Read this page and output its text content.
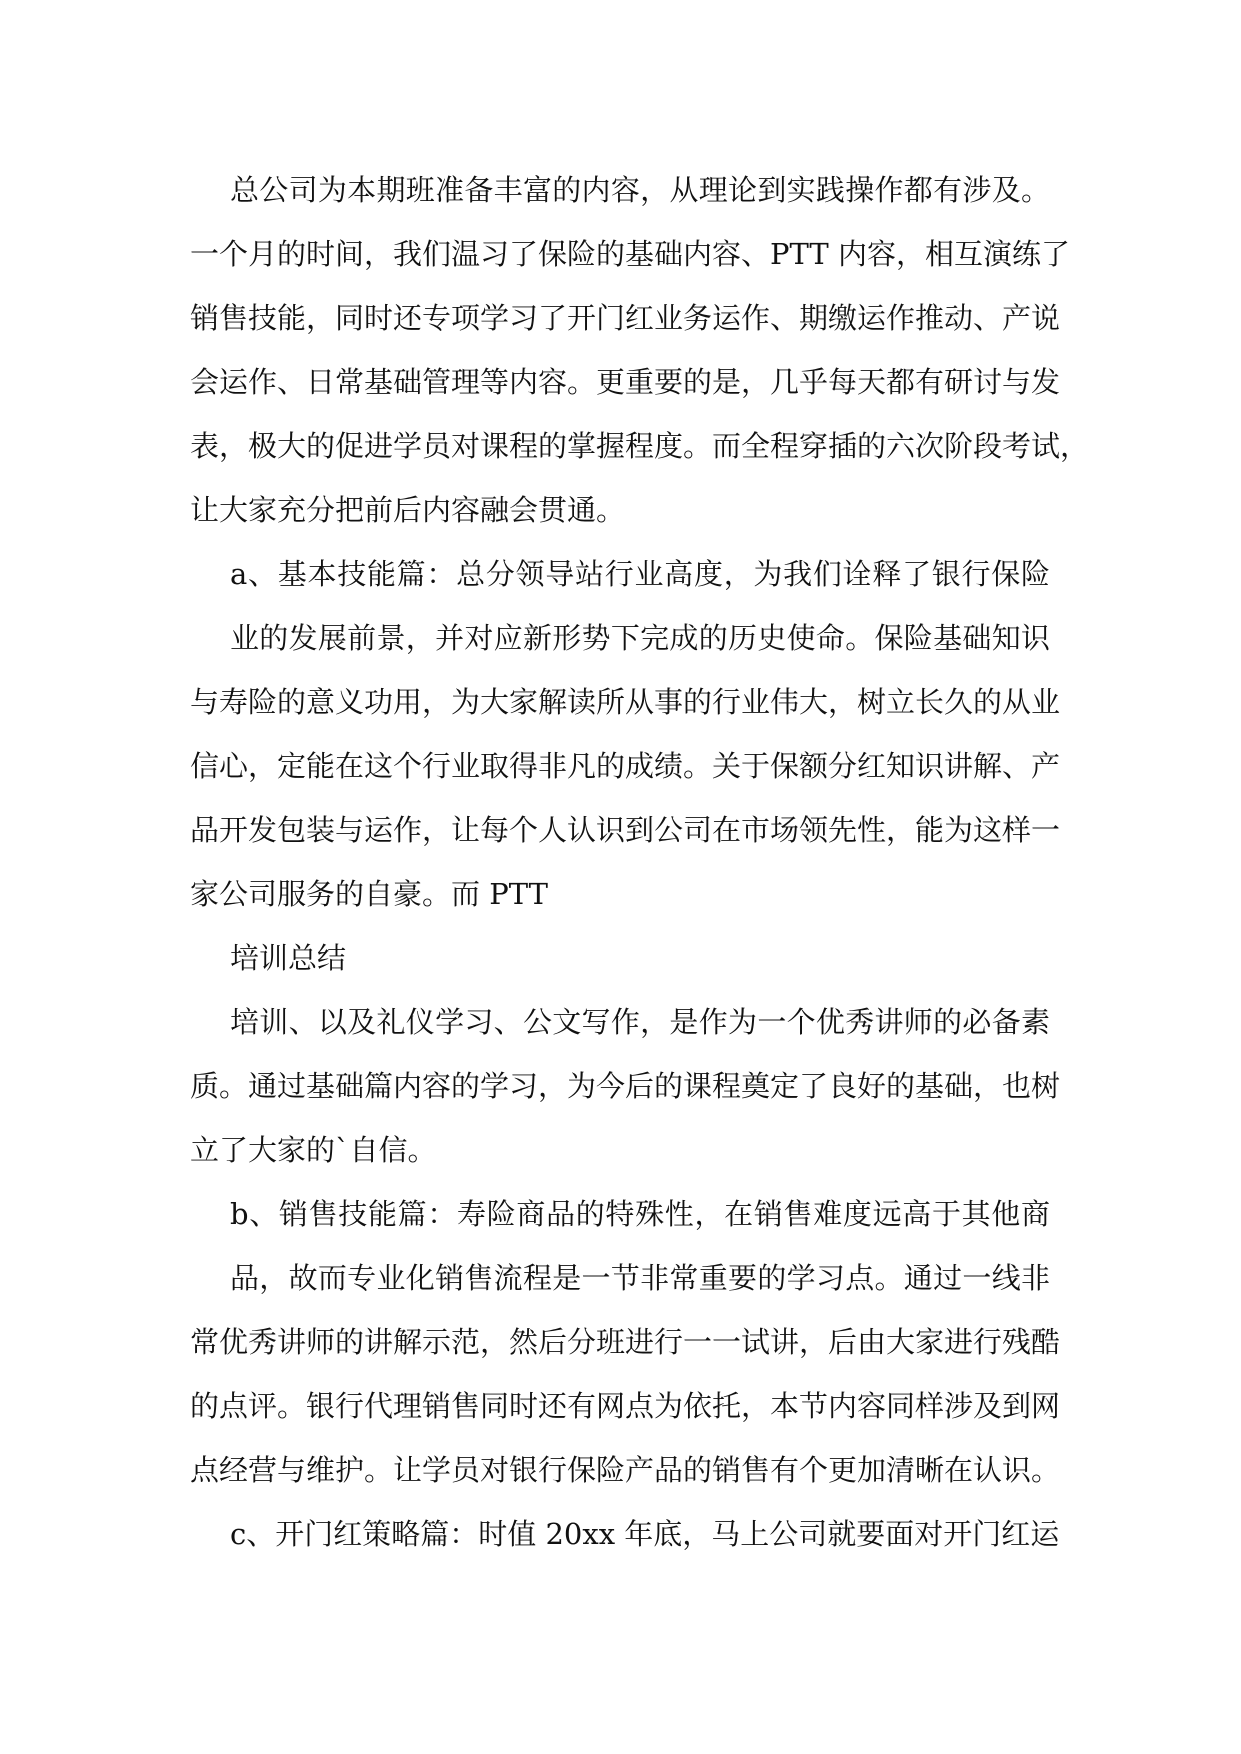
总公司为本期班准备丰富的内容，从理论到实践操作都有涉及。
一个月的时间，我们温习了保险的基础内容、PTT 内容，相互演练了
销售技能，同时还专项学习了开门红业务运作、期缴运作推动、产说
会运作、日常基础管理等内容。更重要的是，几乎每天都有研讨与发
表，极大的促进学员对课程的掌握程度。而全程穿插的六次阶段考试，
让大家充分把前后内容融会贯通。
a、基本技能篇：总分领导站行业高度，为我们诠释了银行保险
业的发展前景，并对应新形势下完成的历史使命。保险基础知识
与寿险的意义功用，为大家解读所从事的行业伟大，树立长久的从业
信心，定能在这个行业取得非凡的成绩。关于保额分红知识讲解、产
品开发包装与运作，让每个人认识到公司在市场领先性，能为这样一
家公司服务的自豪。而 PTT
培训总结
培训、以及礼仪学习、公文写作，是作为一个优秀讲师的必备素
质。通过基础篇内容的学习，为今后的课程奠定了良好的基础，也树
立了大家的`自信。
b、销售技能篇：寿险商品的特殊性，在销售难度远高于其他商
品，故而专业化销售流程是一节非常重要的学习点。通过一线非
常优秀讲师的讲解示范，然后分班进行一一试讲，后由大家进行残酷
的点评。银行代理销售同时还有网点为依托，本节内容同样涉及到网
点经营与维护。让学员对银行保险产品的销售有个更加清晰在认识。
c、开门红策略篇：时值 20xx 年底，马上公司就要面对开门红运
